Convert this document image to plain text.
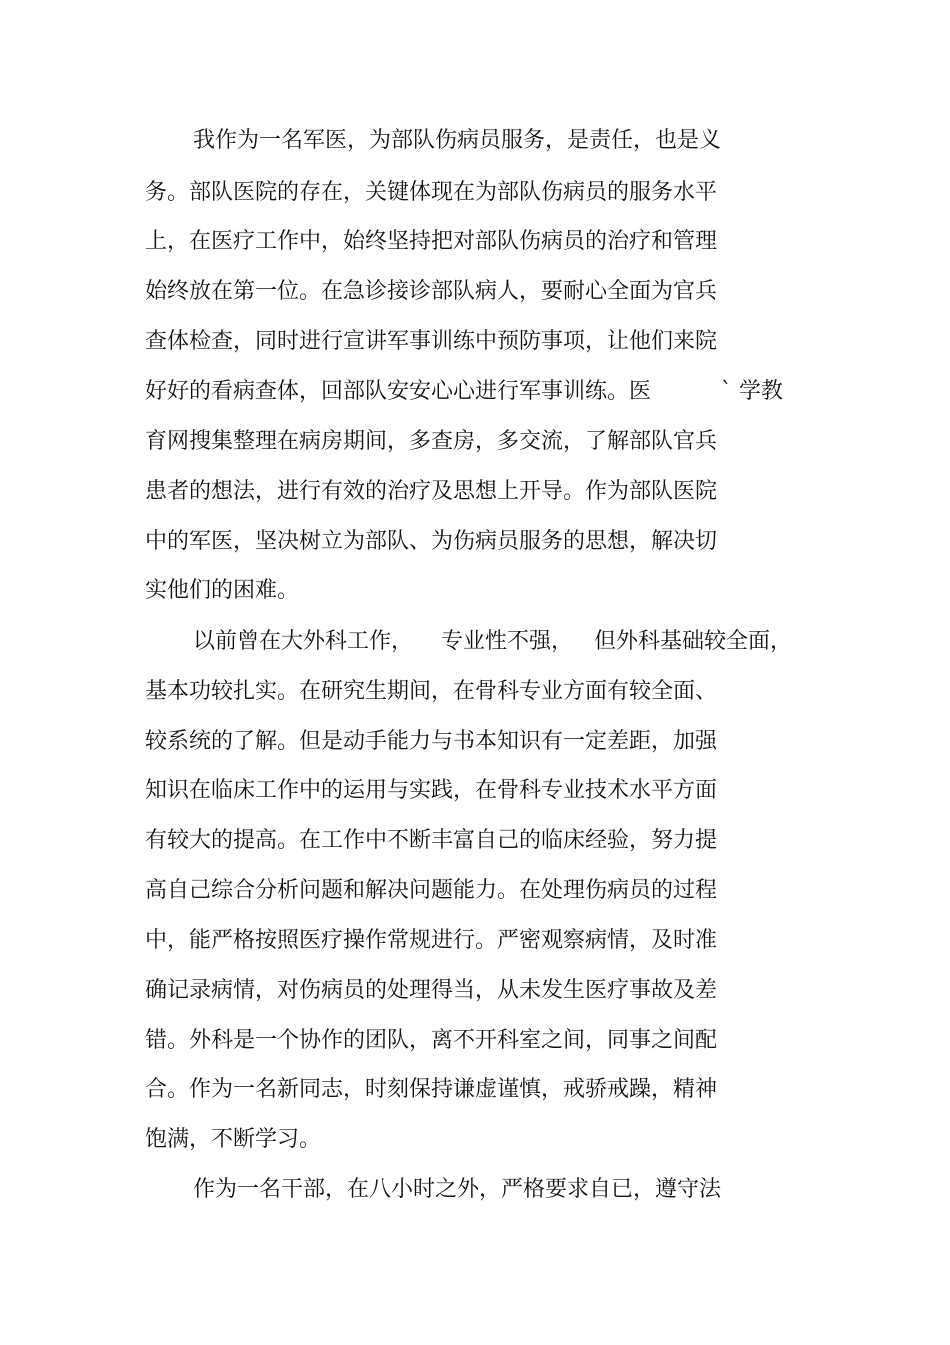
我作为一名军医，为部队伤病员服务，是责任，也是义
务。部队医院的存在，关键体现在为部队伤病员的服务水平
上，在医疗工作中，始终坚持把对部队伤病员的治疗和管理
始终放在第一位。在急诊接诊部队病人，要耐心全面为官兵
查体检查，同时进行宣讲军事训练中预防事项，让他们来院
好好的看病查体，回部队安安心心进行军事训练。医          ` 学教
育网搜集整理在病房期间，多查房，多交流，了解部队官兵
患者的想法，进行有效的治疗及思想上开导。作为部队医院
中的军医，坚决树立为部队、为伤病员服务的思想，解决切
实他们的困难。
以前曾在大外科工作，    专业性不强，   但外科基础较全面，
基本功较扎实。在研究生期间，在骨科专业方面有较全面、
较系统的了解。但是动手能力与书本知识有一定差距，加强
知识在临床工作中的运用与实践，在骨科专业技术水平方面
有较大的提高。在工作中不断丰富自己的临床经验，努力提
高自己综合分析问题和解决问题能力。在处理伤病员的过程
中，能严格按照医疗操作常规进行。严密观察病情，及时准
确记录病情，对伤病员的处理得当，从未发生医疗事故及差
错。外科是一个协作的团队，离不开科室之间，同事之间配
合。作为一名新同志，时刻保持谦虚谨慎，戒骄戒躁，精神
饱满，不断学习。
作为一名干部，在八小时之外，严格要求自已，遵守法
